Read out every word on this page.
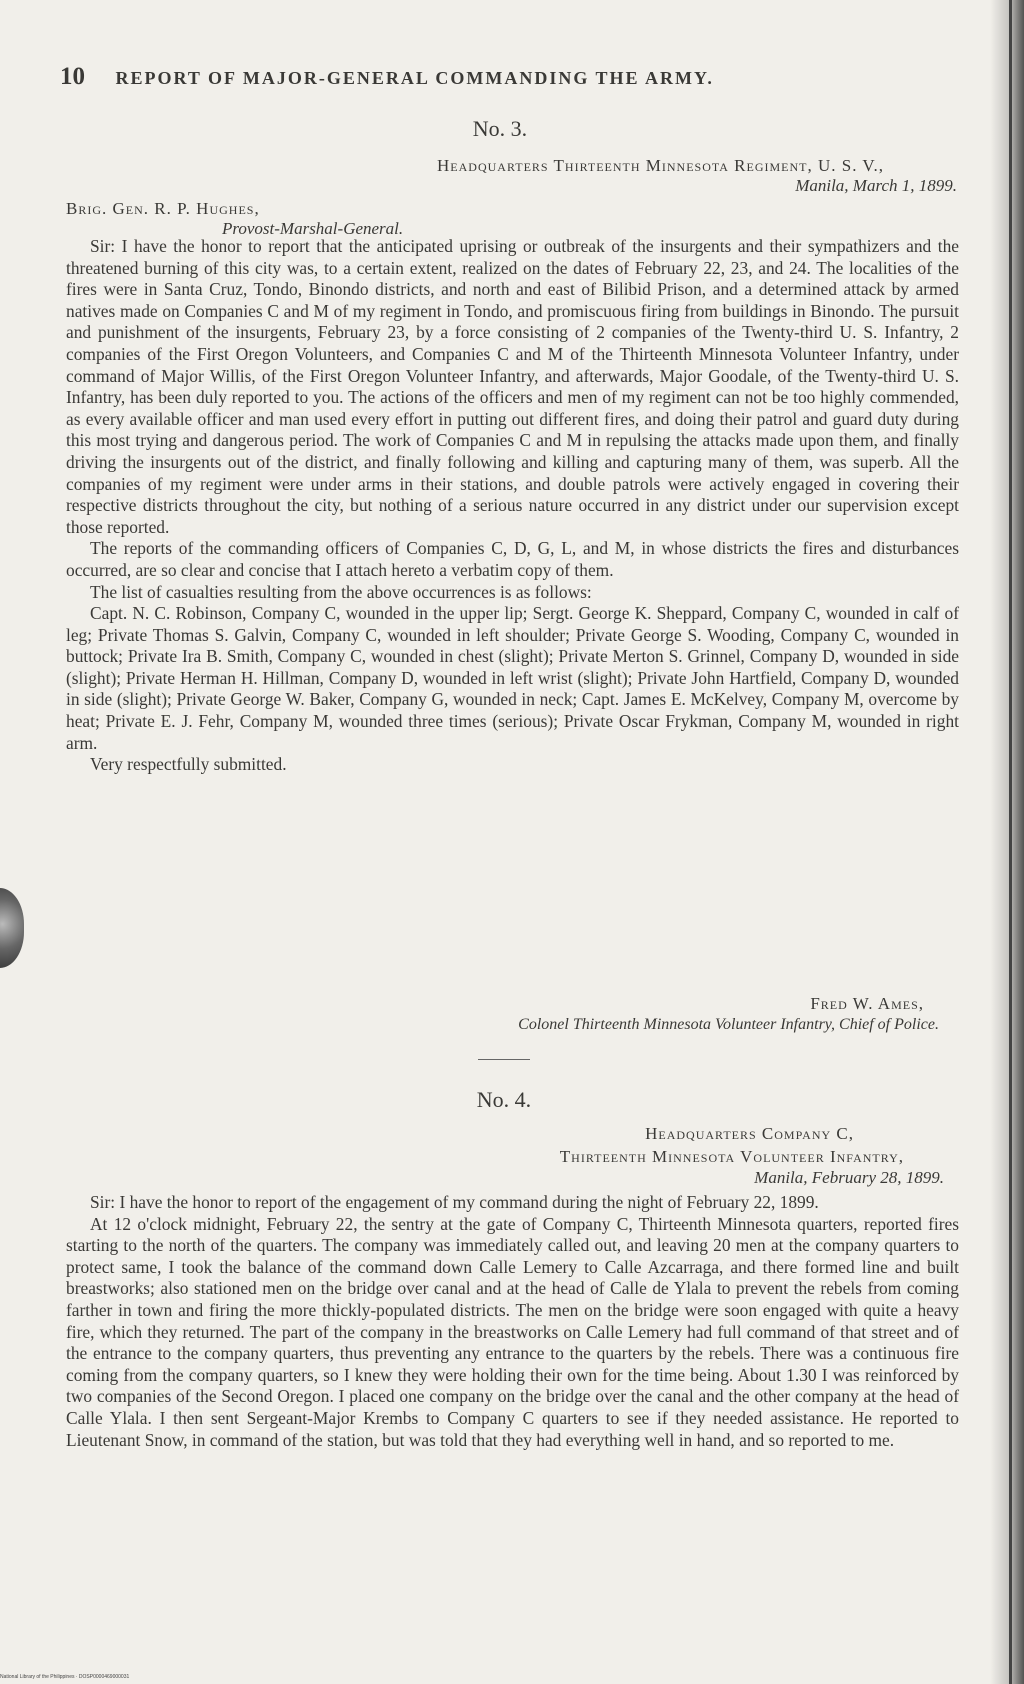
10 REPORT OF MAJOR-GENERAL COMMANDING THE ARMY.
No. 3.
Headquarters Thirteenth Minnesota Regiment, U. S. V.,
Manila, March 1, 1899.
Brig. Gen. R. P. Hughes,
Provost-Marshal-General.

Sir: I have the honor to report that the anticipated uprising or outbreak of the insurgents and their sympathizers and the threatened burning of this city was, to a certain extent, realized on the dates of February 22, 23, and 24. The localities of the fires were in Santa Cruz, Tondo, Binondo districts, and north and east of Bilibid Prison, and a determined attack by armed natives made on Companies C and M of my regiment in Tondo, and promiscuous firing from buildings in Binondo. The pursuit and punishment of the insurgents, February 23, by a force consisting of 2 companies of the Twenty-third U. S. Infantry, 2 companies of the First Oregon Volunteers, and Companies C and M of the Thirteenth Minnesota Volunteer Infantry, under command of Major Willis, of the First Oregon Volunteer Infantry, and afterwards, Major Goodale, of the Twenty-third U. S. Infantry, has been duly reported to you. The actions of the officers and men of my regiment can not be too highly commended, as every available officer and man used every effort in putting out different fires, and doing their patrol and guard duty during this most trying and dangerous period. The work of Companies C and M in repulsing the attacks made upon them, and finally driving the insurgents out of the district, and finally following and killing and capturing many of them, was superb. All the companies of my regiment were under arms in their stations, and double patrols were actively engaged in covering their respective districts throughout the city, but nothing of a serious nature occurred in any district under our supervision except those reported.

The reports of the commanding officers of Companies C, D, G, L, and M, in whose districts the fires and disturbances occurred, are so clear and concise that I attach hereto a verbatim copy of them.

The list of casualties resulting from the above occurrences is as follows:

Capt. N. C. Robinson, Company C, wounded in the upper lip; Sergt. George K. Sheppard, Company C, wounded in calf of leg; Private Thomas S. Galvin, Company C, wounded in left shoulder; Private George S. Wooding, Company C, wounded in buttock; Private Ira B. Smith, Company C, wounded in chest (slight); Private Merton S. Grinnel, Company D, wounded in side (slight); Private Herman H. Hillman, Company D, wounded in left wrist (slight); Private John Hartfield, Company D, wounded in side (slight); Private George W. Baker, Company G, wounded in neck; Capt. James E. McKelvey, Company M, overcome by heat; Private E. J. Fehr, Company M, wounded three times (serious); Private Oscar Frykman, Company M, wounded in right arm.

Very respectfully submitted.

Fred W. Ames,
Colonel Thirteenth Minnesota Volunteer Infantry, Chief of Police.
No. 4.
Headquarters Company C,
Thirteenth Minnesota Volunteer Infantry,
Manila, February 28, 1899.

Sir: I have the honor to report of the engagement of my command during the night of February 22, 1899.

At 12 o'clock midnight, February 22, the sentry at the gate of Company C, Thirteenth Minnesota quarters, reported fires starting to the north of the quarters. The company was immediately called out, and leaving 20 men at the company quarters to protect same, I took the balance of the command down Calle Lemery to Calle Azcarraga, and there formed line and built breastworks; also stationed men on the bridge over canal and at the head of Calle de Ylala to prevent the rebels from coming farther in town and firing the more thickly-populated districts. The men on the bridge were soon engaged with quite a heavy fire, which they returned. The part of the company in the breastworks on Calle Lemery had full command of that street and of the entrance to the company quarters, thus preventing any entrance to the quarters by the rebels. There was a continuous fire coming from the company quarters, so I knew they were holding their own for the time being. About 1.30 I was reinforced by two companies of the Second Oregon. I placed one company on the bridge over the canal and the other company at the head of Calle Ylala. I then sent Sergeant-Major Krembs to Company C quarters to see if they needed assistance. He reported to Lieutenant Snow, in command of the station, but was told that they had everything well in hand, and so reported to me.

National Library of the Philippines · DOSP0000469000031
